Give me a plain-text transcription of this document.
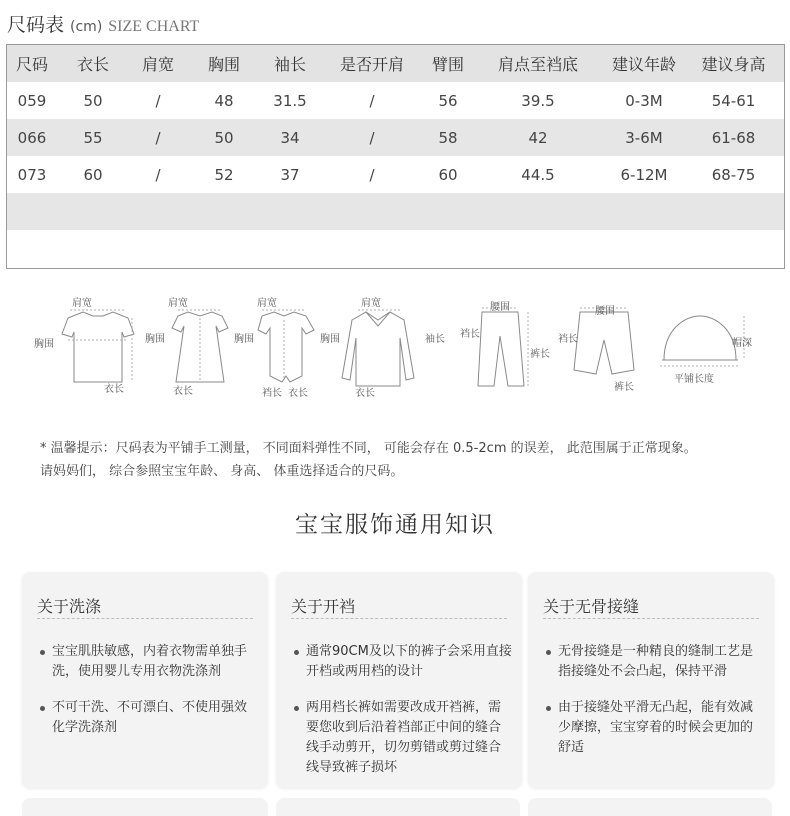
尺码表 (cm) SIZE CHART
尺码	衣长	肩宽	胸围	袖长	是否开肩	臂围	肩点至裆底	建议年龄	建议身高
059	50	/	48	31.5	/	56	39.5	0-3M	54-61
066	55	/	50	34	/	58	42	3-6M	61-68
073	60	/	52	37	/	60	44.5	6-12M	68-75
肩宽
胸围
衣长
肩宽
胸围
衣长
肩宽
胸围
裆长 衣长
肩宽
胸围	袖长
衣长
腰围
裆长
裤长
腰围
裆长
裤长
帽深
平铺长度
* 温馨提示：尺码表为平铺手工测量， 不同面料弹性不同， 可能会存在 0.5-2cm 的误差， 此范围属于正常现象。
请妈妈们， 综合参照宝宝年龄、 身高、 体重选择适合的尺码。
宝宝服饰通用知识
关于洗涤
宝宝肌肤敏感，内着衣物需单独手洗，使用婴儿专用衣物洗涤剂
不可干洗、不可漂白、不使用强效化学洗涤剂
关于开裆
通常90CM及以下的裤子会采用直接开档或两用档的设计
两用档长裤如需要改成开裆裤，需要您收到后沿着裆部正中间的缝合线手动剪开，切勿剪错或剪过缝合线导致裤子损坏
关于无骨接缝
无骨接缝是一种精良的缝制工艺是指接缝处不会凸起，保持平滑
由于接缝处平滑无凸起，能有效减少摩擦，宝宝穿着的时候会更加的舒适
